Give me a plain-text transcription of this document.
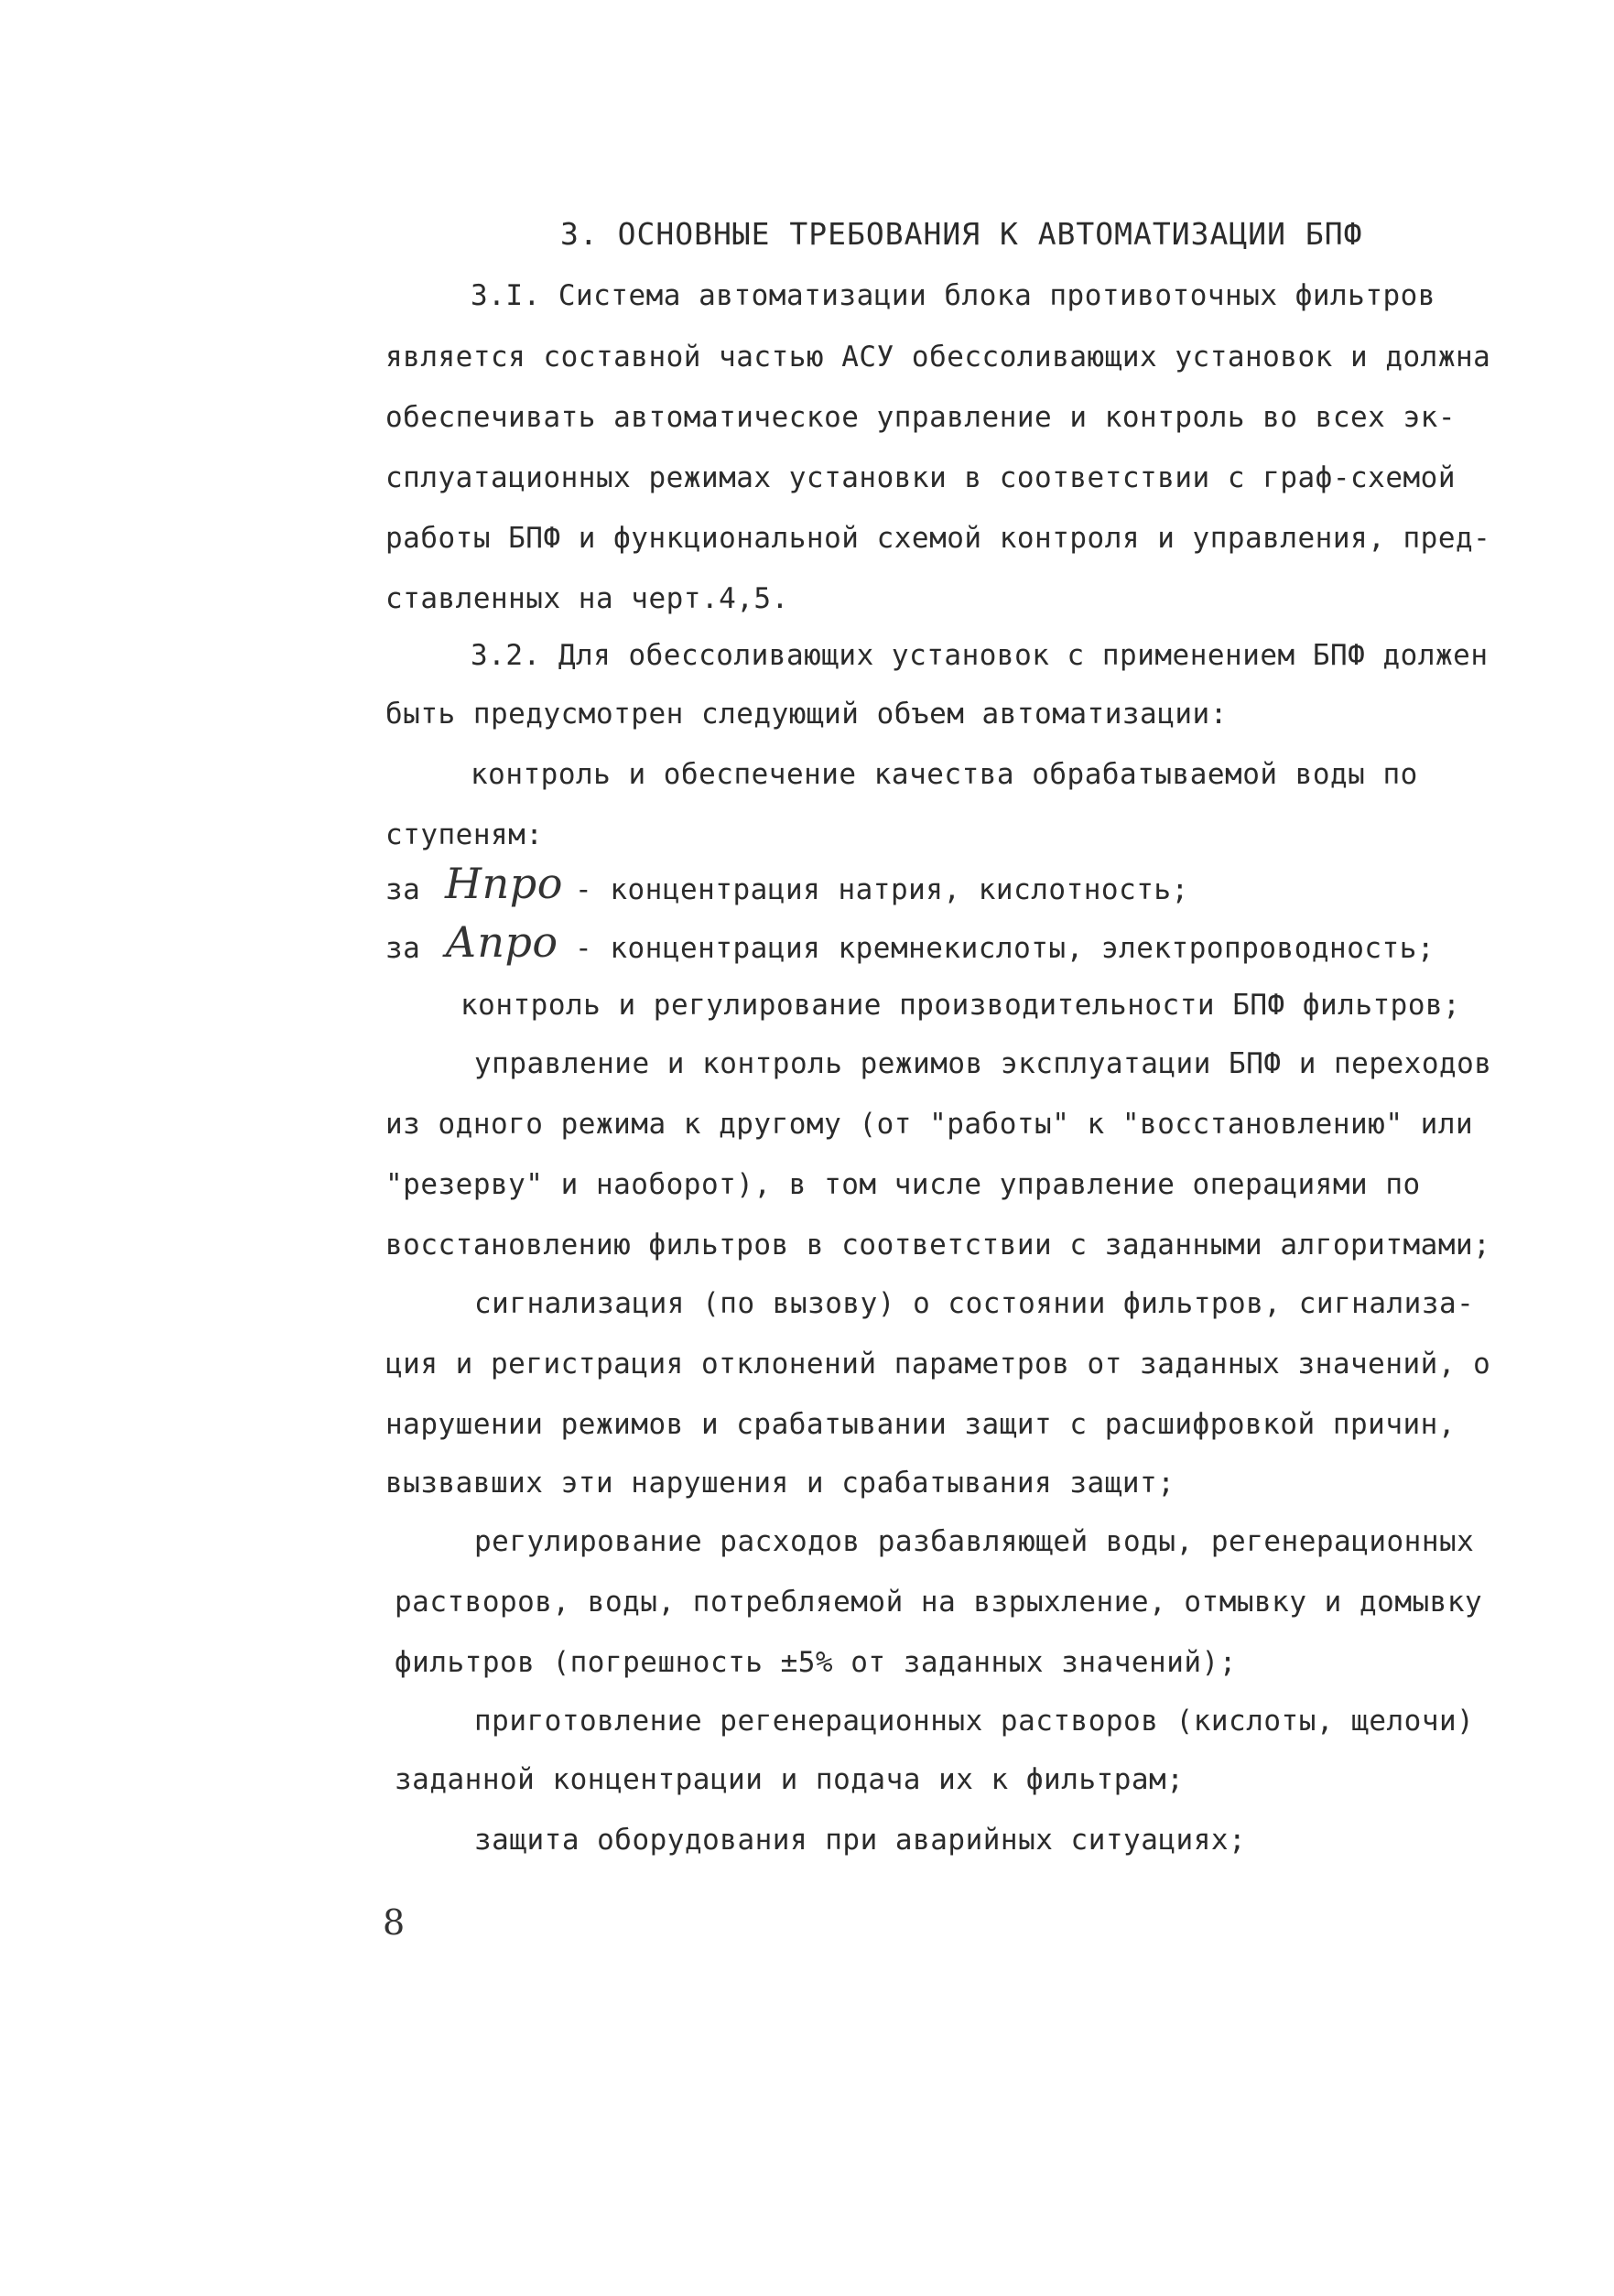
3. ОСНОВНЫЕ ТРЕБОВАНИЯ К АВТОМАТИЗАЦИИ БПФ
3.I. Система автоматизации блока противоточных фильтров
является составной частью АСУ обессоливающих установок и должна
обеспечивать автоматическое управление и контроль во всех эк-
сплуатационных режимах установки в соответствии с граф-схемой
работы БПФ и функциональной схемой контроля и управления, пред-
ставленных на черт.4,5.
3.2. Для обессоливающих установок с применением БПФ должен
быть предусмотрен следующий объем автоматизации:
контроль и обеспечение качества обрабатываемой воды по
ступеням:
за Нпро - концентрация натрия, кислотность;
за Апро - концентрация кремнекислоты, электропроводность;
контроль и регулирование производительности БПФ фильтров;
управление и контроль режимов эксплуатации БПФ и переходов
из одного режима к другому (от "работы" к "восстановлению" или
"резерву" и наоборот), в том числе управление операциями по
восстановлению фильтров в соответствии с заданными алгоритмами;
сигнализация (по вызову) о состоянии фильтров, сигнализа-
ция и регистрация отклонений параметров от заданных значений, о
нарушении режимов и срабатывании защит с расшифровкой причин,
вызвавших эти нарушения и срабатывания защит;
регулирование расходов разбавляющей воды, регенерационных
растворов, воды, потребляемой на взрыхление, отмывку и домывку
фильтров (погрешность ±5% от заданных значений);
приготовление регенерационных растворов (кислоты, щелочи)
заданной концентрации и подача их к фильтрам;
защита оборудования при аварийных ситуациях;
8
